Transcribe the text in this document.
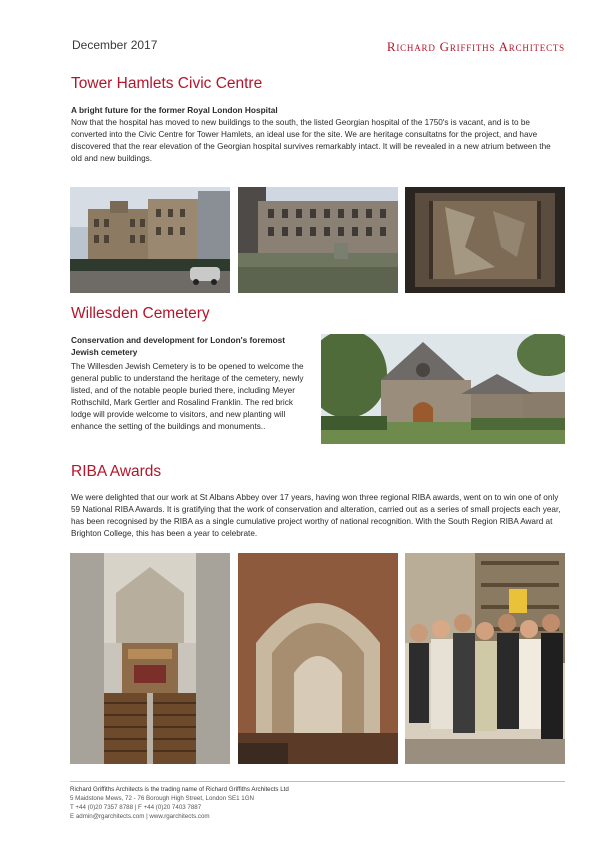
December 2017	Richard Griffiths Architects
Tower Hamlets Civic Centre
A bright future for the former Royal London Hospital
Now that the hospital has moved to new buildings to the south, the listed Georgian hospital of the 1750's is vacant, and is to be converted into the Civic Centre for Tower Hamlets, an ideal use for the site. We are heritage consultatns for the project, and have discovered that the rear elevation of the Georgian hospital survives remarkably intact. It will be revealed in a new atrium between the old and new buildings.
Willesden Cemetery
Conservation and development for London's foremost Jewish cemetery
The Willesden Jewish Cemetery is to be opened to welcome the general public to understand the heritage of the cemetery, newly listed, and of the notable people buried there, including Meyer Rothschild, Mark Gertler and Rosalind Franklin. The red brick lodge will provide welcome to visitors, and new planting will enhance the setting of the buildings and monuments..
RIBA Awards
We were delighted that our work at St Albans Abbey over 17 years, having won three regional RIBA awards, went on to win one of only 59 National RIBA Awards. It is gratifying that the work of conservation and alteration, carried out as a series of small projects each year, has been recognised by the RIBA as a single cumulative project worthy of national recognition. With the South Region RIBA Award at Brighton College, this has been a year to celebrate.
Richard Griffiths Architects is the trading name of Richard Griffiths Architects Ltd
5 Maidstone Mews, 72 - 76 Borough High Street, London SE1 1GN
T +44 (0)20 7357 8788 | F +44 (0)20 7403 7887
E admin@rgarchitects.com | www.rgarchitects.com
